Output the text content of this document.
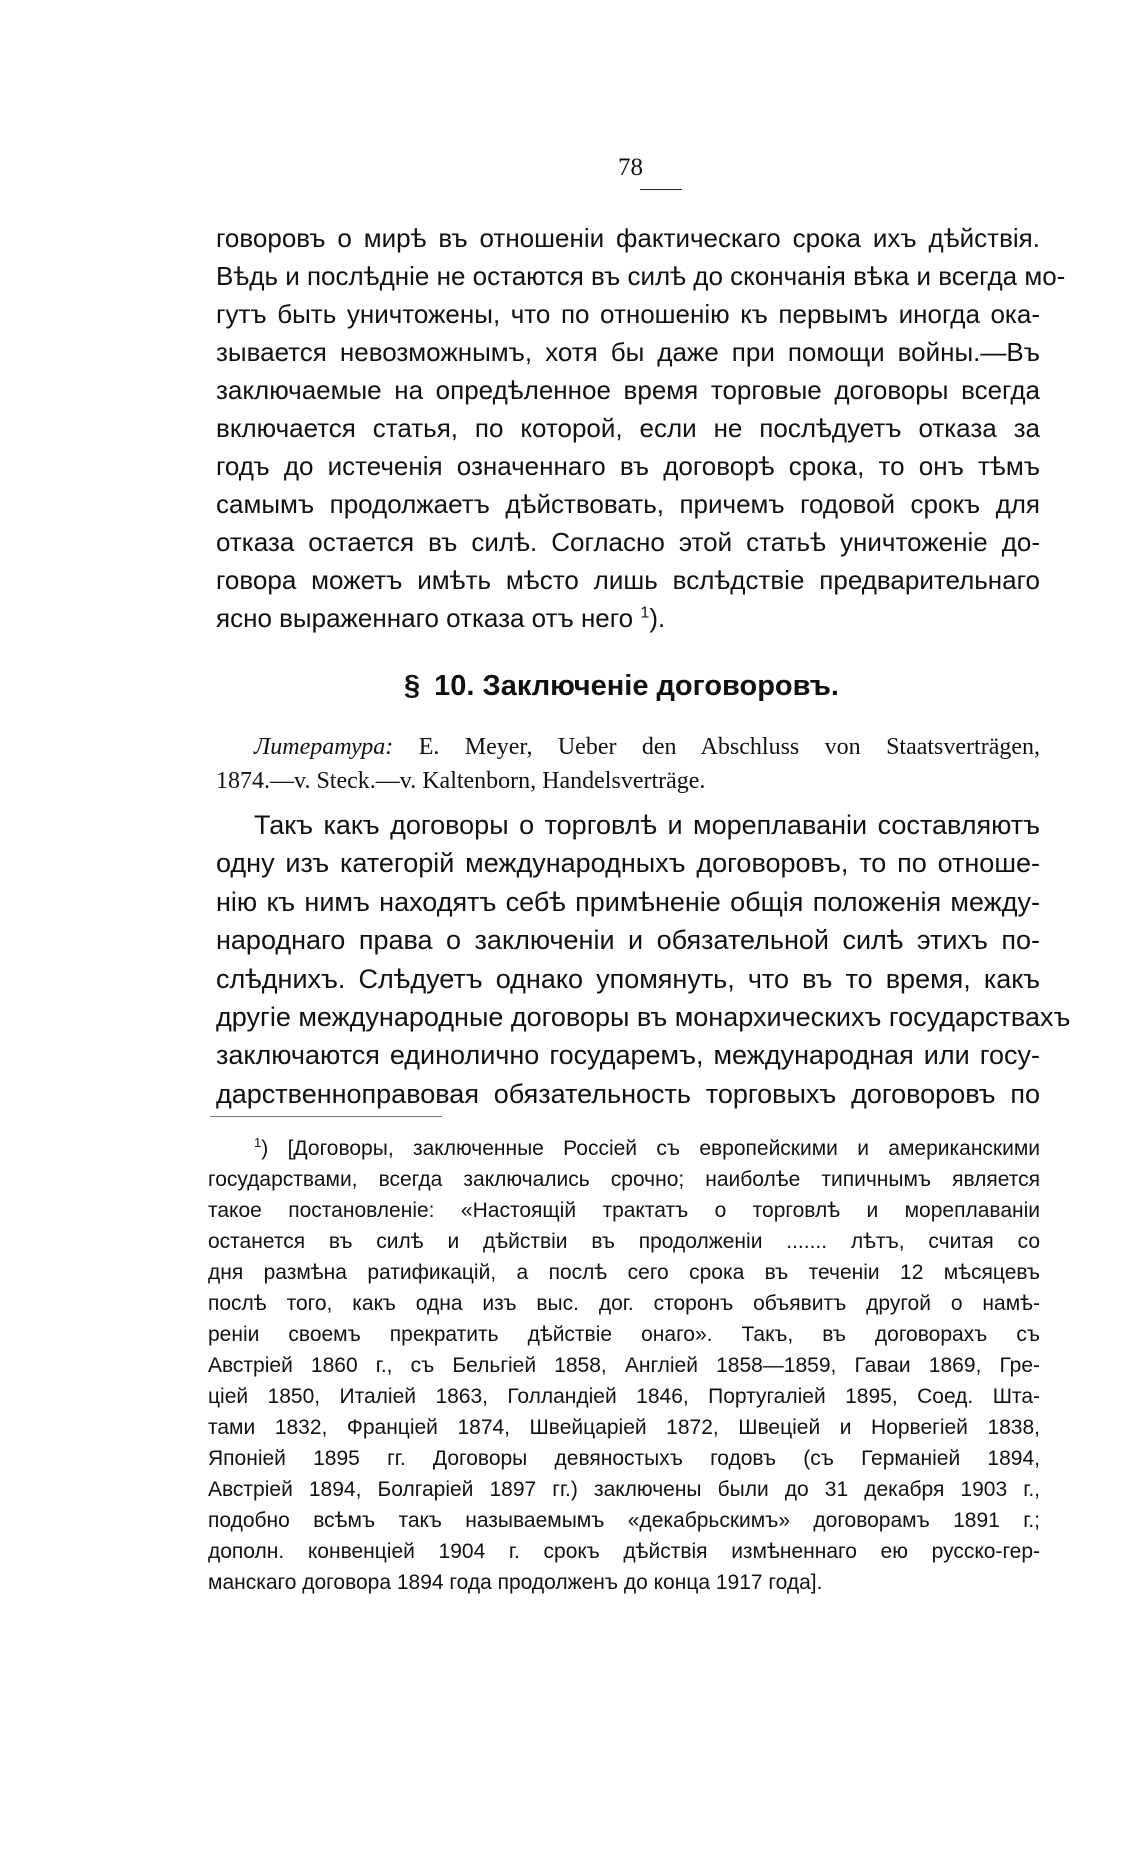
78
говоровъ о мирѣ въ отношенiи фактическаго срока ихъ дѣйствiя.
Вѣдь и послѣднiе не остаются въ силѣ до скончанiя вѣка и всегда мо-
гутъ быть уничтожены, что по отношенiю къ первымъ иногда ока-
зывается невозможнымъ, хотя бы даже при помощи войны.—Въ
заключаемые на опредѣленное время торговые договоры всегда
включается статья, по которой, если не послѣдуетъ отказа за
годъ до истеченiя означеннаго въ договорѣ срока, то онъ тѣмъ
самымъ продолжаетъ дѣйствовать, причемъ годовой срокъ для
отказа остается въ силѣ. Согласно этой статьѣ уничтоженiе до-
говора можетъ имѣть мѣсто лишь вслѣдствiе предварительнаго
ясно выраженнаго отказа отъ него $^1$).
§ 10. Заключенiе договоровъ.
Литература: E. Meyer, Ueber den Abschluss von Staatsverträgen,
1874.—v. Steck.—v. Kaltenborn, Handelsverträge.
Такъ какъ договоры о торговлѣ и мореплаванiи составляютъ
одну изъ категорiй международныхъ договоровъ, то по отноше-
нiю къ нимъ находятъ себѣ примѣненiе общiя положенiя между-
народнаго права о заключенiи и обязательной силѣ этихъ по-
слѣднихъ. Слѣдуетъ однако упомянуть, что въ то время, какъ
другiе международные договоры въ монархическихъ государствахъ
заключаются единолично государемъ, международная или госу-
дарственноправовая обязательность торговыхъ договоровъ по
$^1$) [Договоры, заключенные Россiей съ европейскими и американскими
государствами, всегда заключались срочно; наиболѣе типичнымъ является
такое постановленiе: «Настоящiй трактатъ о торговлѣ и мореплаванiи
останется въ силѣ и дѣйствiи въ продолженiи ....... лѣтъ, считая со
дня размѣна ратификацiй, а послѣ сего срока въ теченiи 12 мѣсяцевъ
послѣ того, какъ одна изъ выс. дог. сторонъ объявитъ другой о намѣ-
ренiи своемъ прекратить дѣйствiе онаго». Такъ, въ договорахъ съ
Австрiей 1860 г., съ Бельгiей 1858, Англiей 1858—1859, Гаваи 1869, Гре-
цiей 1850, Италiей 1863, Голландiей 1846, Португалiей 1895, Соед. Шта-
тами 1832, Францiей 1874, Швейцарiей 1872, Швецiей и Норвегiей 1838,
Японiей 1895 гг. Договоры девяностыхъ годовъ (съ Германiей 1894,
Австрiей 1894, Болгарiей 1897 гг.) заключены были до 31 декабря 1903 г.,
подобно всѣмъ такъ называемымъ «декабрьскимъ» договорамъ 1891 г.;
дополн. конвенцiей 1904 г. срокъ дѣйствiя измѣненнаго ею русско-гер-
манскаго договора 1894 года продолженъ до конца 1917 года].
